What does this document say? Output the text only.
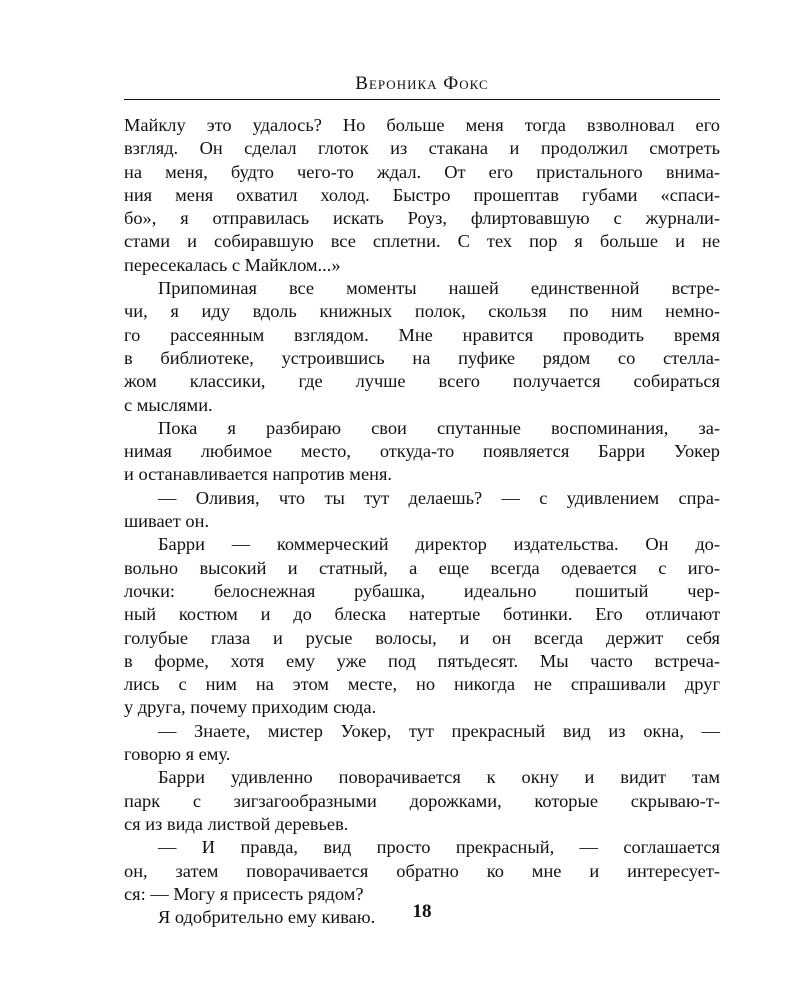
Вероника Фокс
Майклу это удалось? Но больше меня тогда взволновал его
взгляд. Он сделал глоток из стакана и продолжил смотреть
на меня, будто чего-то ждал. От его пристального внима-
ния меня охватил холод. Быстро прошептав губами «спаси-
бо», я отправилась искать Роуз, флиртовавшую с журнали-
стами и собиравшую все сплетни. С тех пор я больше и не
пересекалась с Майклом...»
Припоминая все моменты нашей единственной встре-
чи, я иду вдоль книжных полок, скользя по ним немно-
го рассеянным взглядом. Мне нравится проводить время
в библиотеке, устроившись на пуфике рядом со стелла-
жом классики, где лучше всего получается собираться
с мыслями.
Пока я разбираю свои спутанные воспоминания, за-
нимая любимое место, откуда-то появляется Барри Уокер
и останавливается напротив меня.
— Оливия, что ты тут делаешь? — с удивлением спра-
шивает он.
Барри — коммерческий директор издательства. Он до-
вольно высокий и статный, а еще всегда одевается с иго-
лочки: белоснежная рубашка, идеально пошитый чер-
ный костюм и до блеска натертые ботинки. Его отличают
голубые глаза и русые волосы, и он всегда держит себя
в форме, хотя ему уже под пятьдесят. Мы часто встреча-
лись с ним на этом месте, но никогда не спрашивали друг
у друга, почему приходим сюда.
— Знаете, мистер Уокер, тут прекрасный вид из окна, —
говорю я ему.
Барри удивленно поворачивается к окну и видит там
парк с зигзагообразными дорожками, которые скрываю-т-
ся из вида листвой деревьев.
— И правда, вид просто прекрасный, — соглашается
он, затем поворачивается обратно ко мне и интересует-
ся: — Могу я присесть рядом?
Я одобрительно ему киваю.	18
